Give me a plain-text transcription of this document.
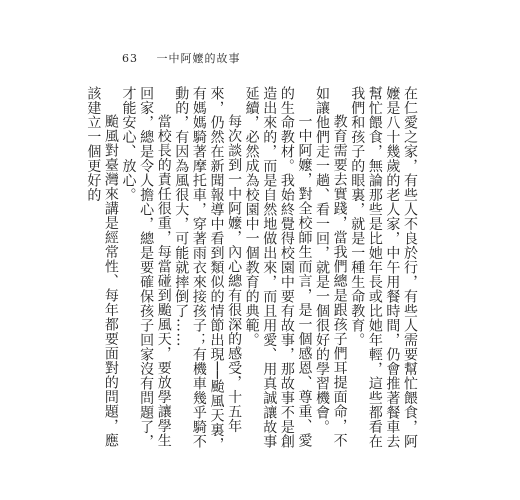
63 一中阿嬤的故事

在仁愛之家，有些人不良於行，有些人需要幫忙餵食，阿嬤是八十幾歲的老人家，中午用餐時間，仍會推著餐車去幫忙餵食，無論那些是比她年長或比她年輕，這些都看在我們和孩子的眼裏，就是一種生命教育。

教育需要去實踐，當我們總是跟孩子們耳提面命，不如讓他們走一趟、看一回，就是一個很好的學習機會。

一中阿嬤，對全校師生而言，是一個感恩、尊重、愛的生命教材。我始終覺得校園中要有故事，那故事不是創造出來的，而是自然地做出來，而且用愛、用真誠讓故事延續，必然成為校園中一個教育的典範。

每次談到一中阿嬤，內心總有很深的感受，十五年來，仍然在新聞報導中看到類似的情節出現──颱風天裏，有媽媽騎著摩托車，穿著雨衣來接孩子；有機車幾乎騎不動的，有因為風很大，可能就摔倒了……

當校長的責任很重，每當碰到颱風天，要放學讓學生回家，總是令人擔心，總是要確保孩子回家沒有問題了，才能安心、放心。

颱風對臺灣來講是經常性、每年都要面對的問題，應該建立一個更好的
